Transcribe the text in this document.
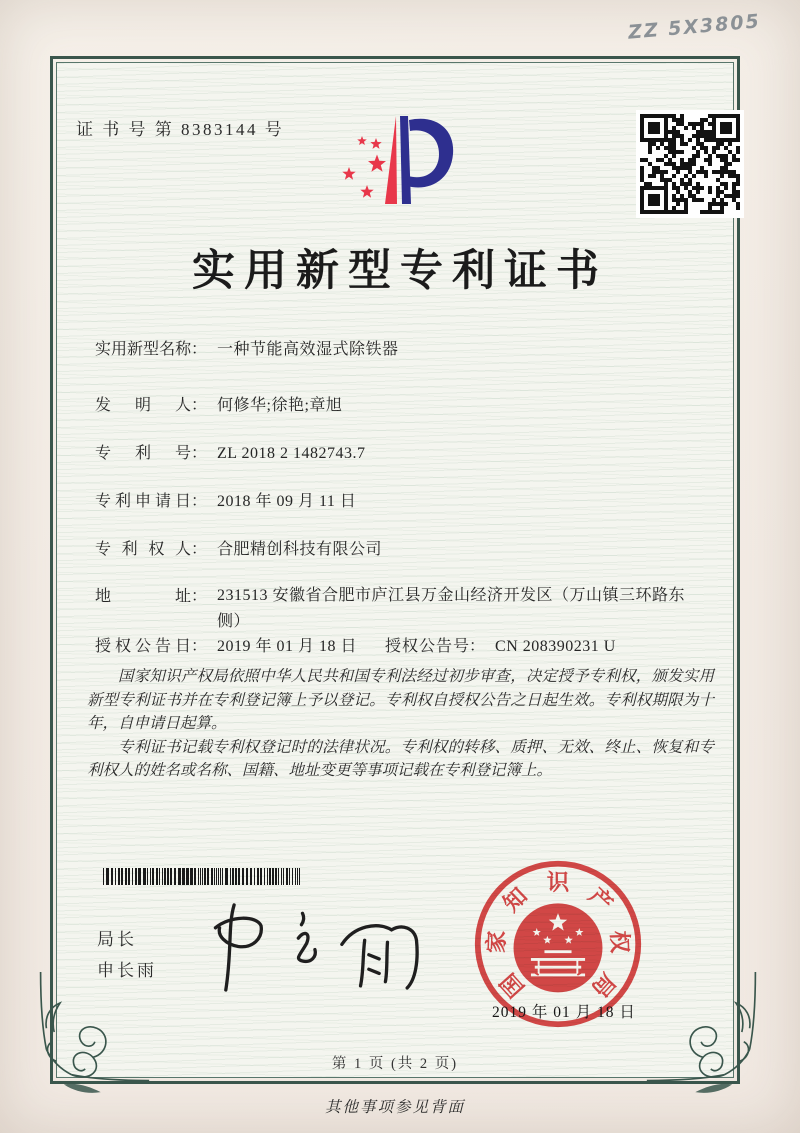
ZZ 5X3805
证 书 号 第 8383144 号
实用新型专利证书
实 用 新 型 名 称 ： 一种节能高效湿式除铁器
发 明 人 ： 何修华;徐艳;章旭
专 利 号 ： ZL 2018 2 1482743.7
专 利 申 请 日 ： 2018 年 09 月 11 日
专 利 权 人 ： 合肥精创科技有限公司
地	址 ： 231513 安徽省合肥市庐江县万金山经济开发区（万山镇三环路东侧）
授 权 公 告 日 ： 2019 年 01 月 18 日 授 权 公 告 号 ： CN 208390231 U

国家知识产权局依照中华人民共和国专利法经过初步审查，决定授予专利权，颁发实用新型专利证书并在专利登记簿上予以登记。专利权自授权公告之日起生效。专利权期限为十年，自申请日起算。

专利证书记载专利权登记时的法律状况。专利权的转移、质押、无效、终止、恢复和专利权人的姓名或名称、国籍、地址变更等事项记载在专利登记簿上。

局长
申长雨	国
家
知
识
产
权
局
2019 年 01 月 18 日
第 1 页 (共 2 页)
其他事项参见背面
